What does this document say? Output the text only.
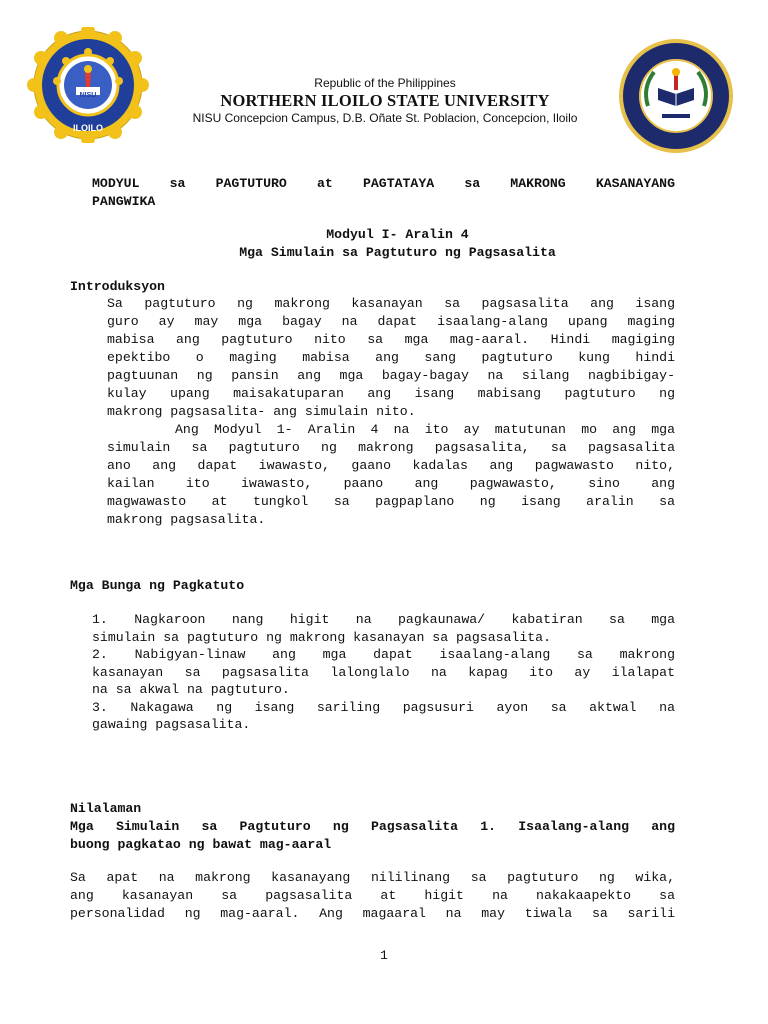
NISU
ILOILO
Republic of the Philippines
NORTHERN ILOILO STATE UNIVERSITY
NISU Concepcion Campus, D.B. Oñate St. Poblacion, Concepcion, Iloilo
MODYUL sa PAGTUTURO at PAGTATAYA sa MAKRONG KASANAYANG
PANGWIKA
Modyul I- Aralin 4
Mga Simulain sa Pagtuturo ng Pagsasalita
Introduksyon
Sa pagtuturo ng makrong kasanayan sa pagsasalita ang isang
guro ay may mga bagay na dapat isaalang-alang upang maging
mabisa ang pagtuturo nito sa mga mag-aaral. Hindi magiging
epektibo o maging mabisa ang sang pagtuturo kung hindi
pagtuunan ng pansin ang mga bagay-bagay na silang nagbibigay-
kulay upang maisakatuparan ang isang mabisang pagtuturo ng
makrong pagsasalita- ang simulain nito.
Ang Modyul 1- Aralin 4 na ito ay matutunan mo ang mga
simulain sa pagtuturo ng makrong pagsasalita, sa pagsasalita
ano ang dapat iwawasto, gaano kadalas ang pagwawasto nito,
kailan ito iwawasto, paano ang pagwawasto, sino ang
magwawasto at tungkol sa pagpaplano ng isang aralin sa
makrong pagsasalita.
Mga Bunga ng Pagkatuto
1. Nagkaroon nang higit na pagkaunawa/ kabatiran sa mga
simulain sa pagtuturo ng makrong kasanayan sa pagsasalita.
2. Nabigyan-linaw ang mga dapat isaalang-alang sa makrong
kasanayan sa pagsasalita lalonglalo na kapag ito ay ilalapat
na sa akwal na pagtuturo.
3. Nakagawa ng isang sariling pagsusuri ayon sa aktwal na
gawaing pagsasalita.
Nilalaman
Mga Simulain sa Pagtuturo ng Pagsasalita 1. Isaalang-alang ang
buong pagkatao ng bawat mag-aaral
Sa apat na makrong kasanayang nililinang sa pagtuturo ng wika,
ang kasanayan sa pagsasalita at higit na nakakaapekto sa
personalidad ng mag-aaral. Ang magaaral na may tiwala sa sarili
1
